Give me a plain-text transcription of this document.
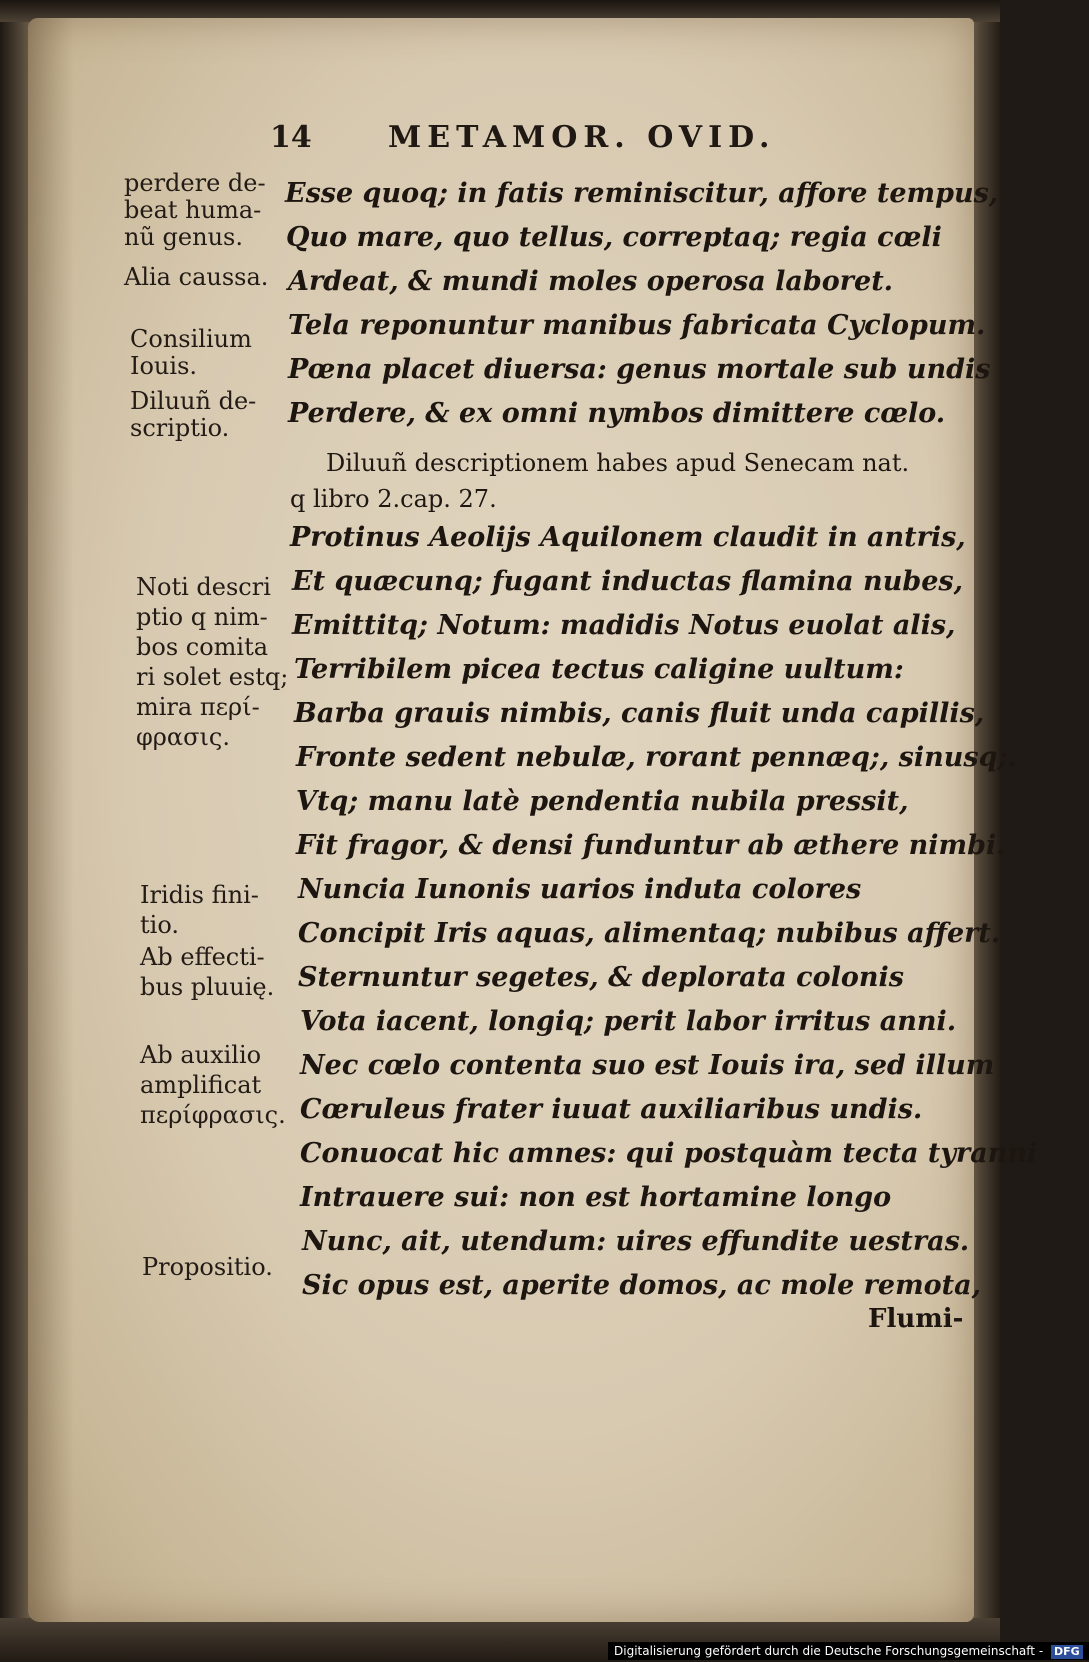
14	METAMOR. OVID.
perdere de-
beat huma-
nũ genus.
Alia caussa.
Consilium
Iouis.
Diluuñ de-
scriptio.
Noti descri
ptio q nim-
bos comita
ri solet estq;
mira περί-
φρασις.
Iridis fini-
tio.
Ab effecti-
bus pluuię.
Ab auxilio
amplificat
περίφρασις.
Propositio.
Esse quoq; in fatis reminiscitur, affore tempus,
Quo mare, quo tellus, correptaq; regia cœli
Ardeat, & mundi moles operosa laboret.
Tela reponuntur manibus fabricata Cyclopum.
Pœna placet diuersa: genus mortale sub undis
Perdere, & ex omni nymbos dimittere cœlo.
Diluuñ descriptionem habes apud Senecam nat.
q libro 2.cap. 27.
Protinus Aeolijs Aquilonem claudit in antris,
Et quæcunq; fugant inductas flamina nubes,
Emittitq; Notum: madidis Notus euolat alis,
Terribilem picea tectus caligine uultum:
Barba grauis nimbis, canis fluit unda capillis,
Fronte sedent nebulæ, rorant pennæq;, sinusq;.
Vtq; manu latè pendentia nubila pressit,
Fit fragor, & densi funduntur ab æthere nimbi.
Nuncia Iunonis uarios induta colores
Concipit Iris aquas, alimentaq; nubibus affert.
Sternuntur segetes, & deplorata colonis
Vota iacent, longiq; perit labor irritus anni.
Nec cœlo contenta suo est Iouis ira, sed illum
Cœruleus frater iuuat auxiliaribus undis.
Conuocat hic amnes: qui postquàm tecta tyranni
Intrauere sui: non est hortamine longo
Nunc, ait, utendum: uires effundite uestras.
Sic opus est, aperite domos, ac mole remota,
Flumi-
Digitalisierung gefördert durch die Deutsche Forschungsgemeinschaft - DFG
